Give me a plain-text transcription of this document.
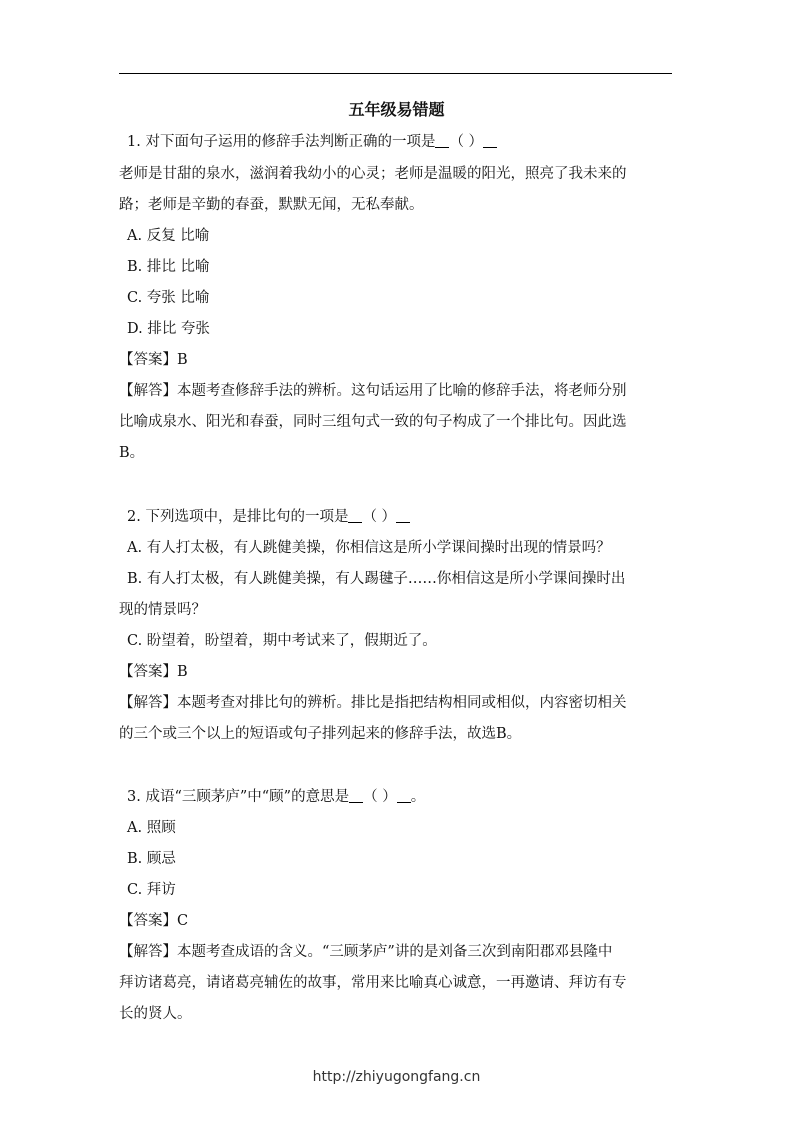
五年级易错题
1. 对下面句子运用的修辞手法判断正确的一项是 （ ）
老师是甘甜的泉水，滋润着我幼小的心灵；老师是温暖的阳光，照亮了我未来的
路；老师是辛勤的春蚕，默默无闻，无私奉献。
A. 反复 比喻
B. 排比 比喻
C. 夸张 比喻
D. 排比 夸张
【答案】B
【解答】本题考查修辞手法的辨析。这句话运用了比喻的修辞手法，将老师分别
比喻成泉水、阳光和春蚕，同时三组句式一致的句子构成了一个排比句。因此选
B。
2. 下列选项中，是排比句的一项是 （ ）
A. 有人打太极，有人跳健美操，你相信这是所小学课间操时出现的情景吗？
B. 有人打太极，有人跳健美操，有人踢毽子……你相信这是所小学课间操时出
现的情景吗？
C. 盼望着，盼望着，期中考试来了，假期近了。
【答案】B
【解答】本题考查对排比句的辨析。排比是指把结构相同或相似，内容密切相关
的三个或三个以上的短语或句子排列起来的修辞手法，故选B。
3. 成语“三顾茅庐”中“顾”的意思是 （ ） 。
A. 照顾
B. 顾忌
C. 拜访
【答案】C
【解答】本题考查成语的含义。“三顾茅庐”讲的是刘备三次到南阳郡邓县隆中
拜访诸葛亮，请诸葛亮辅佐的故事，常用来比喻真心诚意，一再邀请、拜访有专
长的贤人。
http://zhiyugongfang.cn
